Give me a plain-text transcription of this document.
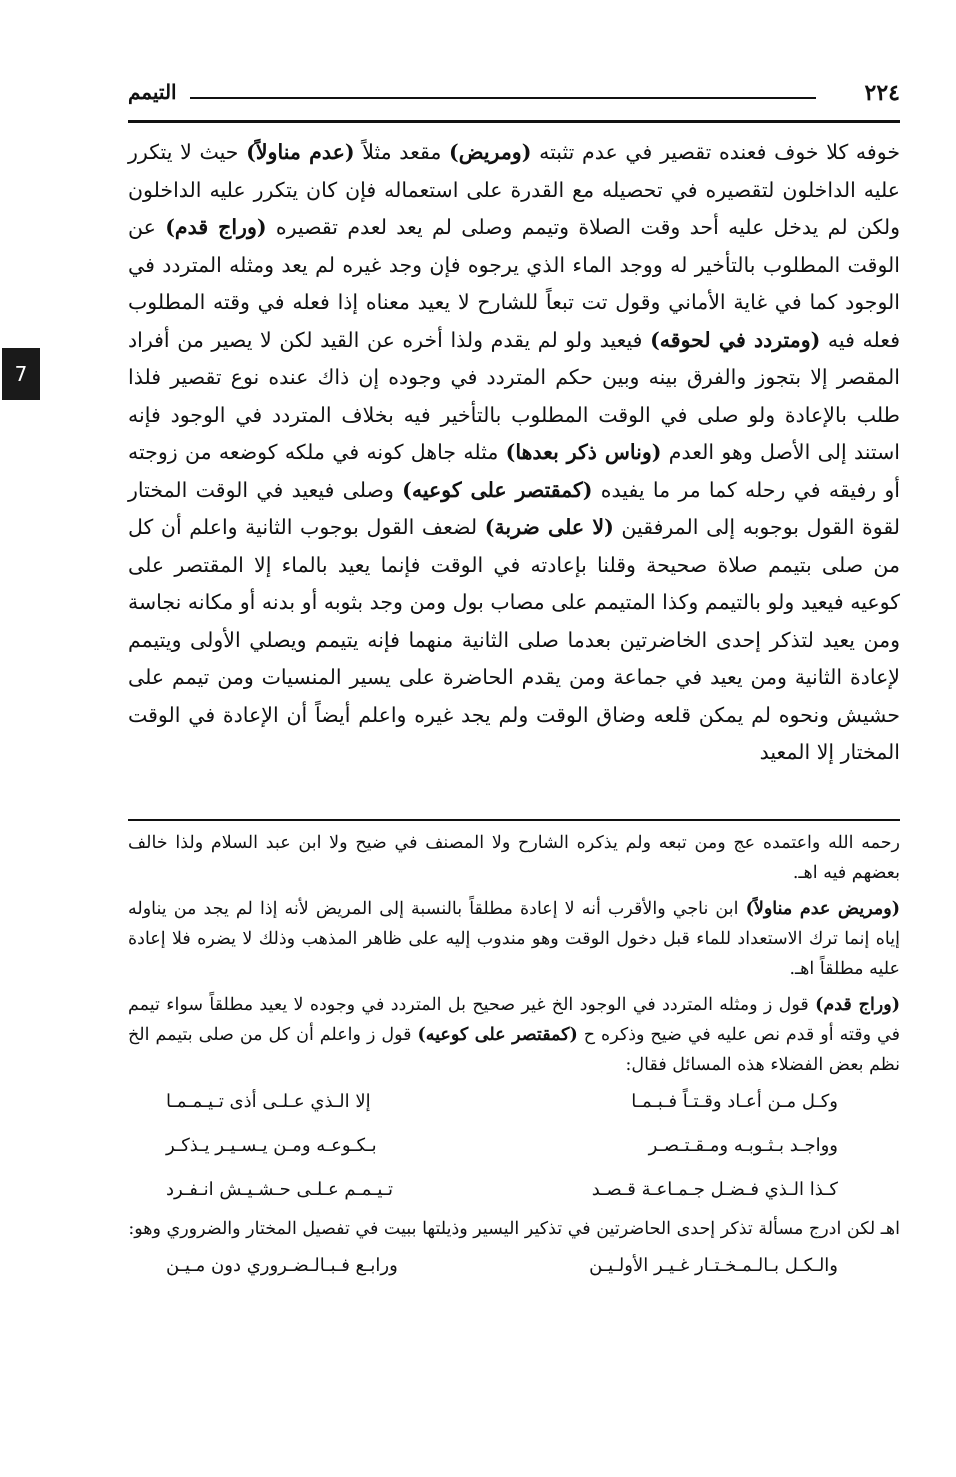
٢٢٤
التيمم

خوفه كلا خوف فعنده تقصير في عدم تثبته (ومريض) مقعد مثلاً (عدم مناولاً) حيث لا يتكرر عليه الداخلون لتقصيره في تحصيله مع القدرة على استعماله فإن كان يتكرر عليه الداخلون ولكن لم يدخل عليه أحد وقت الصلاة وتيمم وصلى لم يعد لعدم تقصيره (وراج قدم) عن الوقت المطلوب بالتأخير له ووجد الماء الذي يرجوه فإن وجد غيره لم يعد ومثله المتردد في الوجود كما في غاية الأماني وقول تت تبعاً للشارح لا يعيد معناه إذا فعله في وقته المطلوب فعله فيه (ومتردد في لحوقه) فيعيد ولو لم يقدم ولذا أخره عن القيد لكن لا يصير من أفراد المقصر إلا بتجوز والفرق بينه وبين حكم المتردد في وجوده إن ذاك عنده نوع تقصير فلذا طلب بالإعادة ولو صلى في الوقت المطلوب بالتأخير فيه بخلاف المتردد في الوجود فإنه استند إلى الأصل وهو العدم (وناس ذكر بعدها) مثله جاهل كونه في ملكه كوضعه من زوجته أو رفيقه في رحله كما مر ما يفيده (كمقتصر على كوعيه) وصلى فيعيد في الوقت المختار لقوة القول بوجوبه إلى المرفقين (لا على ضربة) لضعف القول بوجوب الثانية واعلم أن كل من صلى بتيمم صلاة صحيحة وقلنا بإعادته في الوقت فإنما يعيد بالماء إلا المقتصر على كوعيه فيعيد ولو بالتيمم وكذا المتيمم على مصاب بول ومن وجد بثوبه أو بدنه أو مكانه نجاسة ومن يعيد لتذكر إحدى الخاضرتين بعدما صلى الثانية منهما فإنه يتيمم ويصلي الأولى ويتيمم لإعادة الثانية ومن يعيد في جماعة ومن يقدم الحاضرة على يسير المنسيات ومن تيمم على حشيش ونحوه لم يمكن قلعه وضاق الوقت ولم يجد غيره واعلم أيضاً أن الإعادة في الوقت المختار إلا المعيد

رحمه الله واعتمده عج ومن تبعه ولم يذكره الشارح ولا المصنف في ضيح ولا ابن عبد السلام ولذا خالف بعضهم فيه اهـ.

(ومريض عدم مناولاً) ابن ناجي والأقرب أنه لا إعادة مطلقاً بالنسبة إلى المريض لأنه إذا لم يجد من يناوله إياه إنما ترك الاستعداد للماء قبل دخول الوقت وهو مندوب إليه على ظاهر المذهب وذلك لا يضره فلا إعادة عليه مطلقاً اهـ.

(وراج قدم) قول ز ومثله المتردد في الوجود الخ غير صحيح بل المتردد في وجوده لا يعيد مطلقاً سواء تيمم في وقته أو قدم نص عليه في ضيح وذكره ح (كمقتصر على كوعيه) قول ز واعلم أن كل من صلى بتيمم الخ نظم بعض الفضلاء هذه المسائل فقال:

وكـل مـن أعـاد وقـتـاً فـبـمـا
إلا الـذي عـلـى أذى تـيـمـمـا
وواجـد بـثـوبـه ومـقـتـصـر
بـكـوعـه ومـن يـسـيـر يـذكـر
كـذا الـذي فـضـل جـمـاعـة قـصـد
تـيـمـم عـلـى حـشـيـش انـفـرد

اهـ لكن ادرج مسألة تذكر إحدى الحاضرتين في تذكير اليسير وذيلتها ببيت في تفصيل المختار والضروري وهو:

والـكـل بـالـمـخـتـار غـيـر الأولـيـن
ورابـع فـبـالـضـروري دون مـيـن
7
